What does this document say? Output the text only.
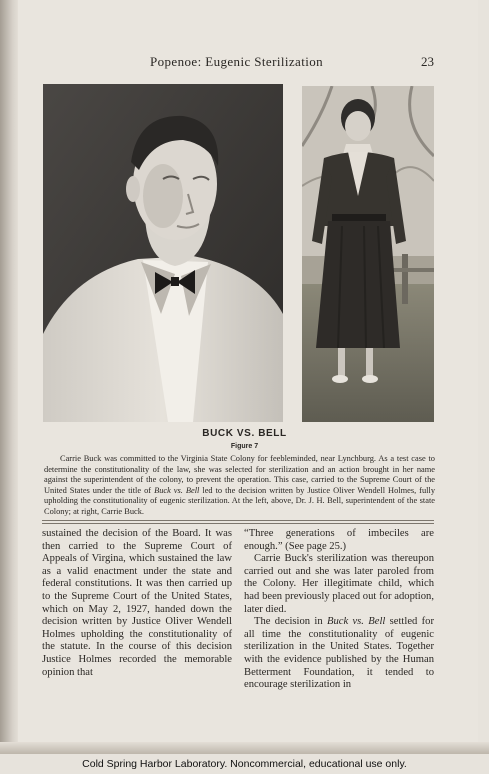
Popenoe: Eugenic Sterilization	23
BUCK VS. BELL
Figure 7

Carrie Buck was committed to the Virginia State Colony for feebleminded, near Lynchburg. As a test case to determine the constitutionality of the law, she was selected for sterilization and an action brought in her name against the superintendent of the colony, to prevent the operation. This case, carried to the Supreme Court of the United States under the title of Buck vs. Bell led to the decision written by Justice Oliver Wendell Holmes, fully upholding the constitutionality of eugenic sterilization. At the left, above, Dr. J. H. Bell, superintendent of the state Colony; at right, Carrie Buck.

sustained the decision of the Board. It was then carried to the Supreme Court of Appeals of Virgina, which sustained the law as a valid enactment under the state and federal constitutions. It was then carried up to the Supreme Court of the United States, which on May 2, 1927, handed down the decision written by Justice Oliver Wendell Holmes upholding the constitutionality of the statute. In the course of this decision Justice Holmes recorded the memorable opinion that

“Three generations of imbeciles are enough.” (See page 25.)

Carrie Buck's sterilization was thereupon carried out and she was later paroled from the Colony. Her illegitimate child, which had been previously placed out for adoption, later died.

The decision in Buck vs. Bell settled for all time the constitutionality of eugenic sterilization in the United States. Together with the evidence published by the Human Betterment Foundation, it tended to encourage sterilization in

Cold Spring Harbor Laboratory. Noncommercial, educational use only.
